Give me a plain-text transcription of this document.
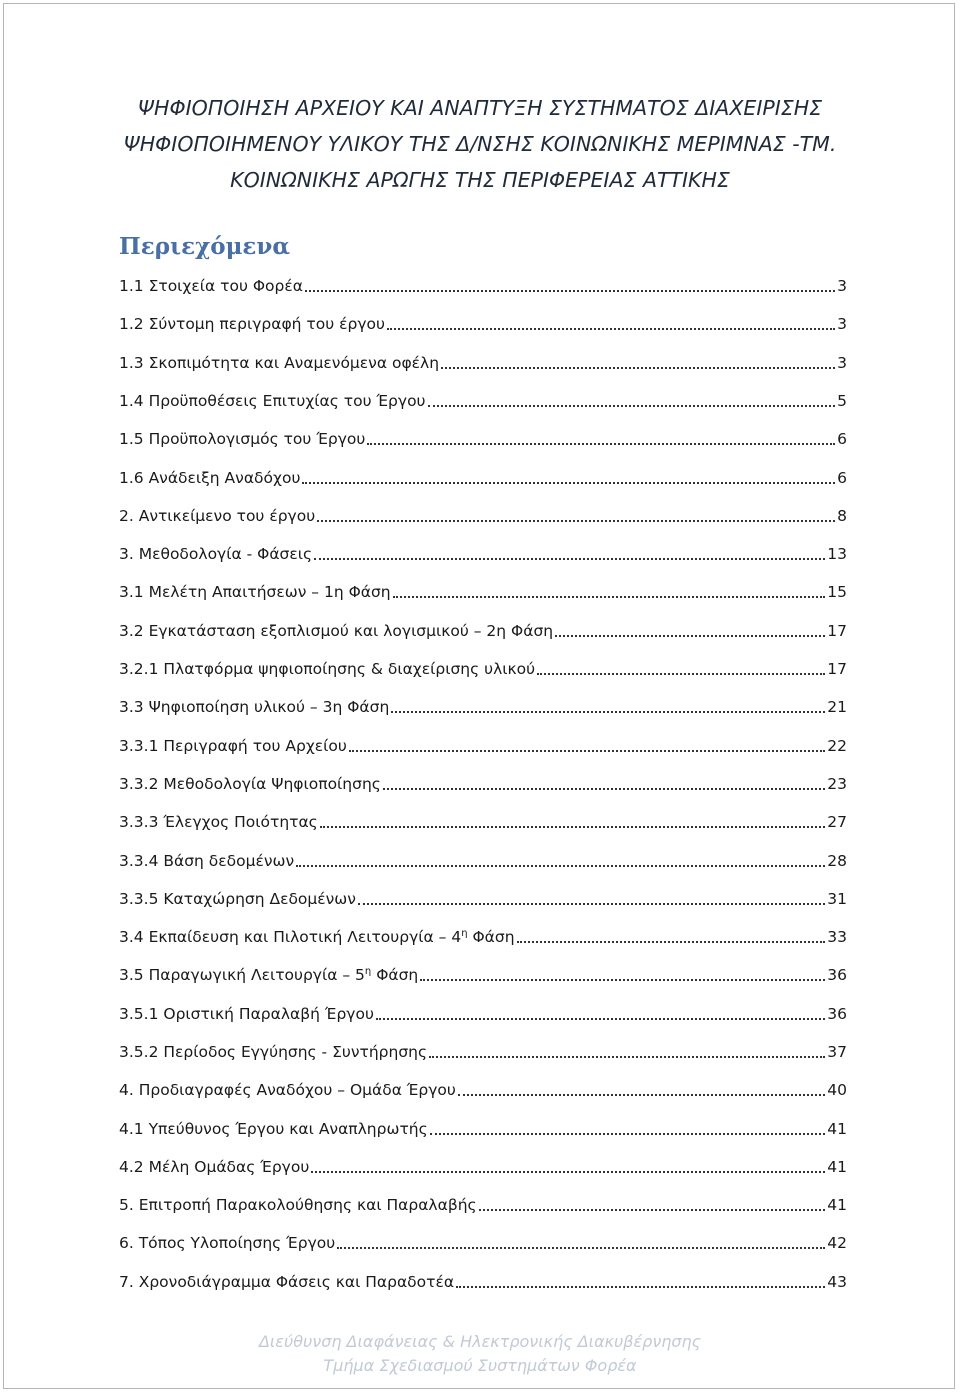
ΨΗΦΙΟΠΟΙΗΣΗ ΑΡΧΕΙΟΥ ΚΑΙ ΑΝΑΠΤΥΞΗ ΣΥΣΤΗΜΑΤΟΣ ΔΙΑΧΕΙΡΙΣΗΣ
ΨΗΦΙΟΠΟΙΗΜΕΝΟΥ ΥΛΙΚΟΥ ΤΗΣ Δ/ΝΣΗΣ ΚΟΙΝΩΝΙΚΗΣ ΜΕΡΙΜΝΑΣ -ΤΜ.
ΚΟΙΝΩΝΙΚΗΣ ΑΡΩΓΗΣ ΤΗΣ ΠΕΡΙΦΕΡΕΙΑΣ ΑΤΤΙΚΗΣ
Περιεχόμενα
1.1 Στοιχεία του Φορέα	3
1.2 Σύντομη περιγραφή του έργου	3
1.3 Σκοπιμότητα και Αναμενόμενα οφέλη	3
1.4 Προϋποθέσεις Επιτυχίας του Έργου	5
1.5 Προϋπολογισμός του Έργου	6
1.6 Ανάδειξη Αναδόχου	6
2. Αντικείμενο του έργου	8
3. Μεθοδολογία - Φάσεις	13
3.1 Μελέτη Απαιτήσεων – 1η Φάση	15
3.2 Εγκατάσταση εξοπλισμού και λογισμικού – 2η Φάση	17
3.2.1 Πλατφόρμα ψηφιοποίησης & διαχείρισης υλικού	17
3.3 Ψηφιοποίηση υλικού – 3η Φάση	21
3.3.1 Περιγραφή του Αρχείου	22
3.3.2 Μεθοδολογία Ψηφιοποίησης	23
3.3.3 Έλεγχος Ποιότητας	27
3.3.4 Βάση δεδομένων	28
3.3.5 Καταχώρηση Δεδομένων	31
3.4 Εκπαίδευση και Πιλοτική Λειτουργία – $4^\eta$ Φάση	33
3.5 Παραγωγική Λειτουργία – $5^\eta$ Φάση	36
3.5.1 Οριστική Παραλαβή Έργου	36
3.5.2 Περίοδος Εγγύησης - Συντήρησης	37
4. Προδιαγραφές Αναδόχου – Ομάδα Έργου	40
4.1 Υπεύθυνος Έργου και Αναπληρωτής	41
4.2 Μέλη Ομάδας Έργου	41
5. Επιτροπή Παρακολούθησης και Παραλαβής	41
6. Τόπος Υλοποίησης Έργου	42
7. Χρονοδιάγραμμα Φάσεις και Παραδοτέα	43
Διεύθυνση Διαφάνειας & Ηλεκτρονικής Διακυβέρνησης
Τμήμα Σχεδιασμού Συστημάτων Φορέα
